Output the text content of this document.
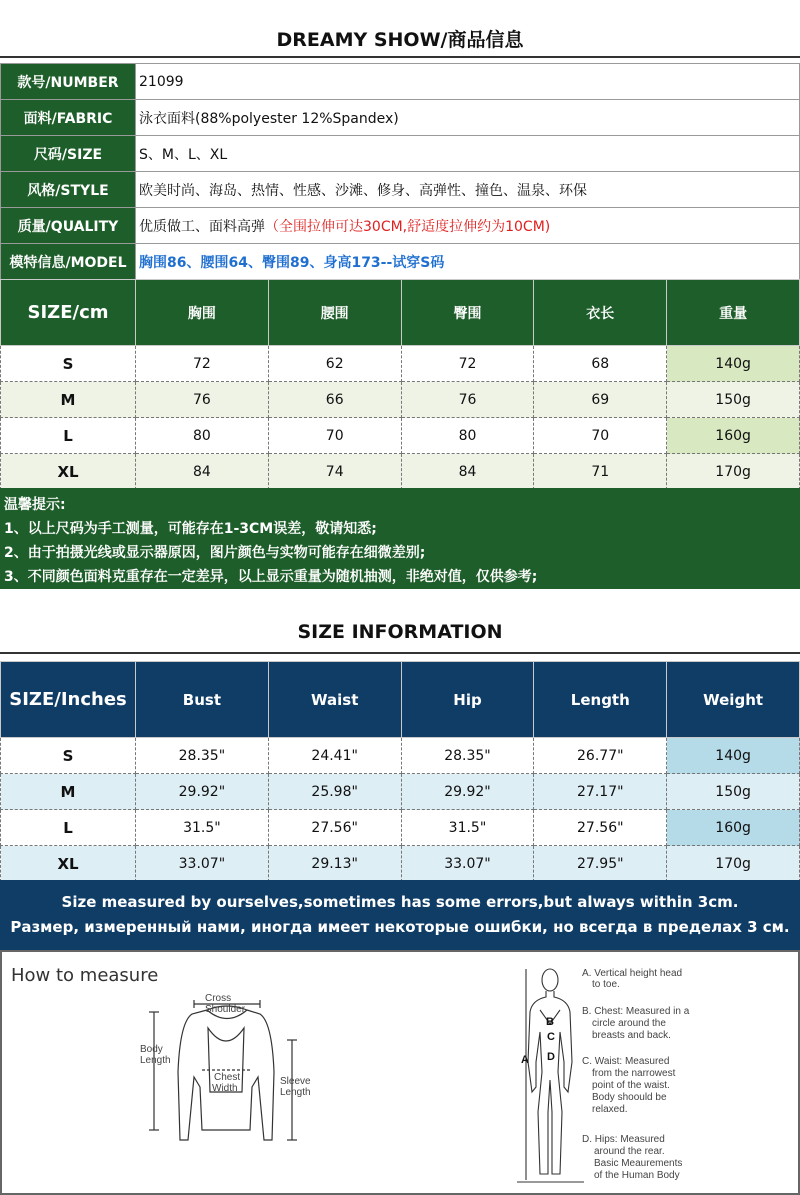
DREAMY SHOW/商品信息
款号/NUMBER	21099
面料/FABRIC	泳衣面料(88%polyester 12%Spandex)
尺码/SIZE	S、M、L、XL
风格/STYLE	欧美时尚、海岛、热情、性感、沙滩、修身、高弹性、撞色、温泉、环保
质量/QUALITY	优质做工、面料高弹（全围拉伸可达30CM,舒适度拉伸约为10CM)
模特信息/MODEL	胸围86、腰围64、臀围89、身高173--试穿S码
SIZE/cm	胸围	腰围	臀围	衣长	重量
S	72	62	72	68	140g
M	76	66	76	69	150g
L	80	70	80	70	160g
XL	84	74	84	71	170g
温馨提示:
1、以上尺码为手工测量，可能存在1-3CM误差，敬请知悉;
2、由于拍摄光线或显示器原因，图片颜色与实物可能存在细微差别;
3、不同颜色面料克重存在一定差异，以上显示重量为随机抽测，非绝对值，仅供参考;
SIZE INFORMATION
SIZE/Inches	Bust	Waist	Hip	Length	Weight
S	28.35"	24.41"	28.35"	26.77"	140g
M	29.92"	25.98"	29.92"	27.17"	150g
L	31.5"	27.56"	31.5"	27.56"	160g
XL	33.07"	29.13"	33.07"	27.95"	170g
Size measured by ourselves,sometimes has some errors,but always within 3cm.
Размер, измеренный нами, иногда имеет некоторые ошибки, но всегда в пределах 3 см.
How to measure
Cross
Shoulder
Body
Length
Chest
Width
Sleeve
Length
A
B
C
D
A. Vertical height head
to toe.
B. Chest: Measured in a
circle around the
breasts and back.
C. Waist: Measured
from the narrowest
point of the waist.
Body shoould be
relaxed.
D. Hips: Measured
around the rear.
Basic Meaurements
of the Human Body
